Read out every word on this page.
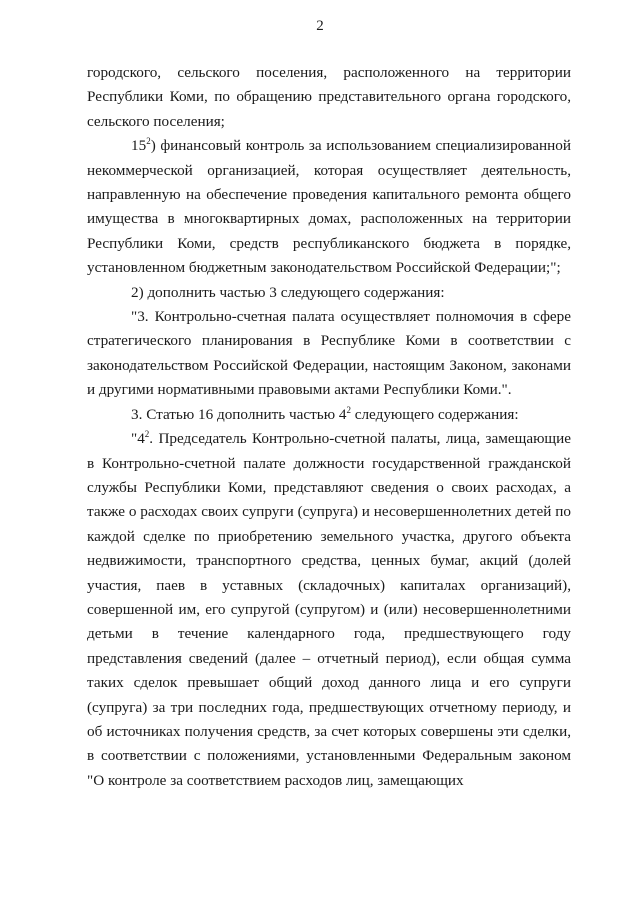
2

городского, сельского поселения, расположенного на территории Республики Коми, по обращению представительного органа городского, сельского поселения;

$15^2$) финансовый контроль за использованием специализированной некоммерческой организацией, которая осуществляет деятельность, направленную на обеспечение проведения капитального ремонта общего имущества в многоквартирных домах, расположенных на территории Республики Коми, средств республиканского бюджета в порядке, установленном бюджетным законодательством Российской Федерации;";

2) дополнить частью 3 следующего содержания:

"3. Контрольно-счетная палата осуществляет полномочия в сфере стратегического планирования в Республике Коми в соответствии с законодательством Российской Федерации, настоящим Законом, законами и другими нормативными правовыми актами Республики Коми.".

3. Статью 16 дополнить частью $4^2$ следующего содержания:

"$4^2$. Председатель Контрольно-счетной палаты, лица, замещающие в Контрольно-счетной палате должности государственной гражданской службы Республики Коми, представляют сведения о своих расходах, а также о расходах своих супруги (супруга) и несовершеннолетних детей по каждой сделке по приобретению земельного участка, другого объекта недвижимости, транспортного средства, ценных бумаг, акций (долей участия, паев в уставных (складочных) капиталах организаций), совершенной им, его супругой (супругом) и (или) несовершеннолетними детьми в течение календарного года, предшествующего году представления сведений (далее – отчетный период), если общая сумма таких сделок превышает общий доход данного лица и его супруги (супруга) за три последних года, предшествующих отчетному периоду, и об источниках получения средств, за счет которых совершены эти сделки, в соответствии с положениями, установленными Федеральным законом "О контроле за соответствием расходов лиц, замещающих
